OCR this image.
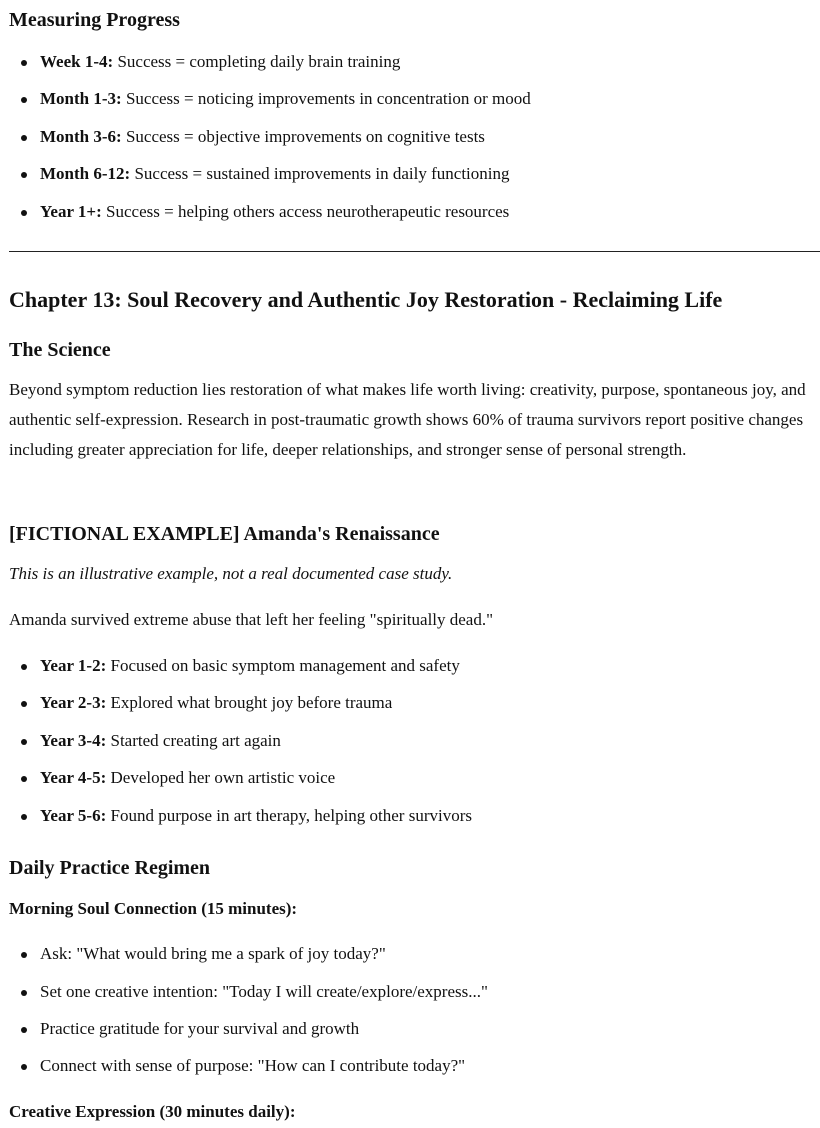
Measuring Progress
Week 1-4: Success = completing daily brain training
Month 1-3: Success = noticing improvements in concentration or mood
Month 3-6: Success = objective improvements on cognitive tests
Month 6-12: Success = sustained improvements in daily functioning
Year 1+: Success = helping others access neurotherapeutic resources
Chapter 13: Soul Recovery and Authentic Joy Restoration - Reclaiming Life
The Science

Beyond symptom reduction lies restoration of what makes life worth living: creativity, purpose, spontaneous joy, and authentic self-expression. Research in post-traumatic growth shows 60% of trauma survivors report positive changes including greater appreciation for life, deeper relationships, and stronger sense of personal strength.

[FICTIONAL EXAMPLE] Amanda's Renaissance

This is an illustrative example, not a real documented case study.

Amanda survived extreme abuse that left her feeling "spiritually dead."

Year 1-2: Focused on basic symptom management and safety
Year 2-3: Explored what brought joy before trauma
Year 3-4: Started creating art again
Year 4-5: Developed her own artistic voice
Year 5-6: Found purpose in art therapy, helping other survivors
Daily Practice Regimen
Morning Soul Connection (15 minutes):
Ask: "What would bring me a spark of joy today?"
Set one creative intention: "Today I will create/explore/express..."
Practice gratitude for your survival and growth
Connect with sense of purpose: "How can I contribute today?"
Creative Expression (30 minutes daily):
